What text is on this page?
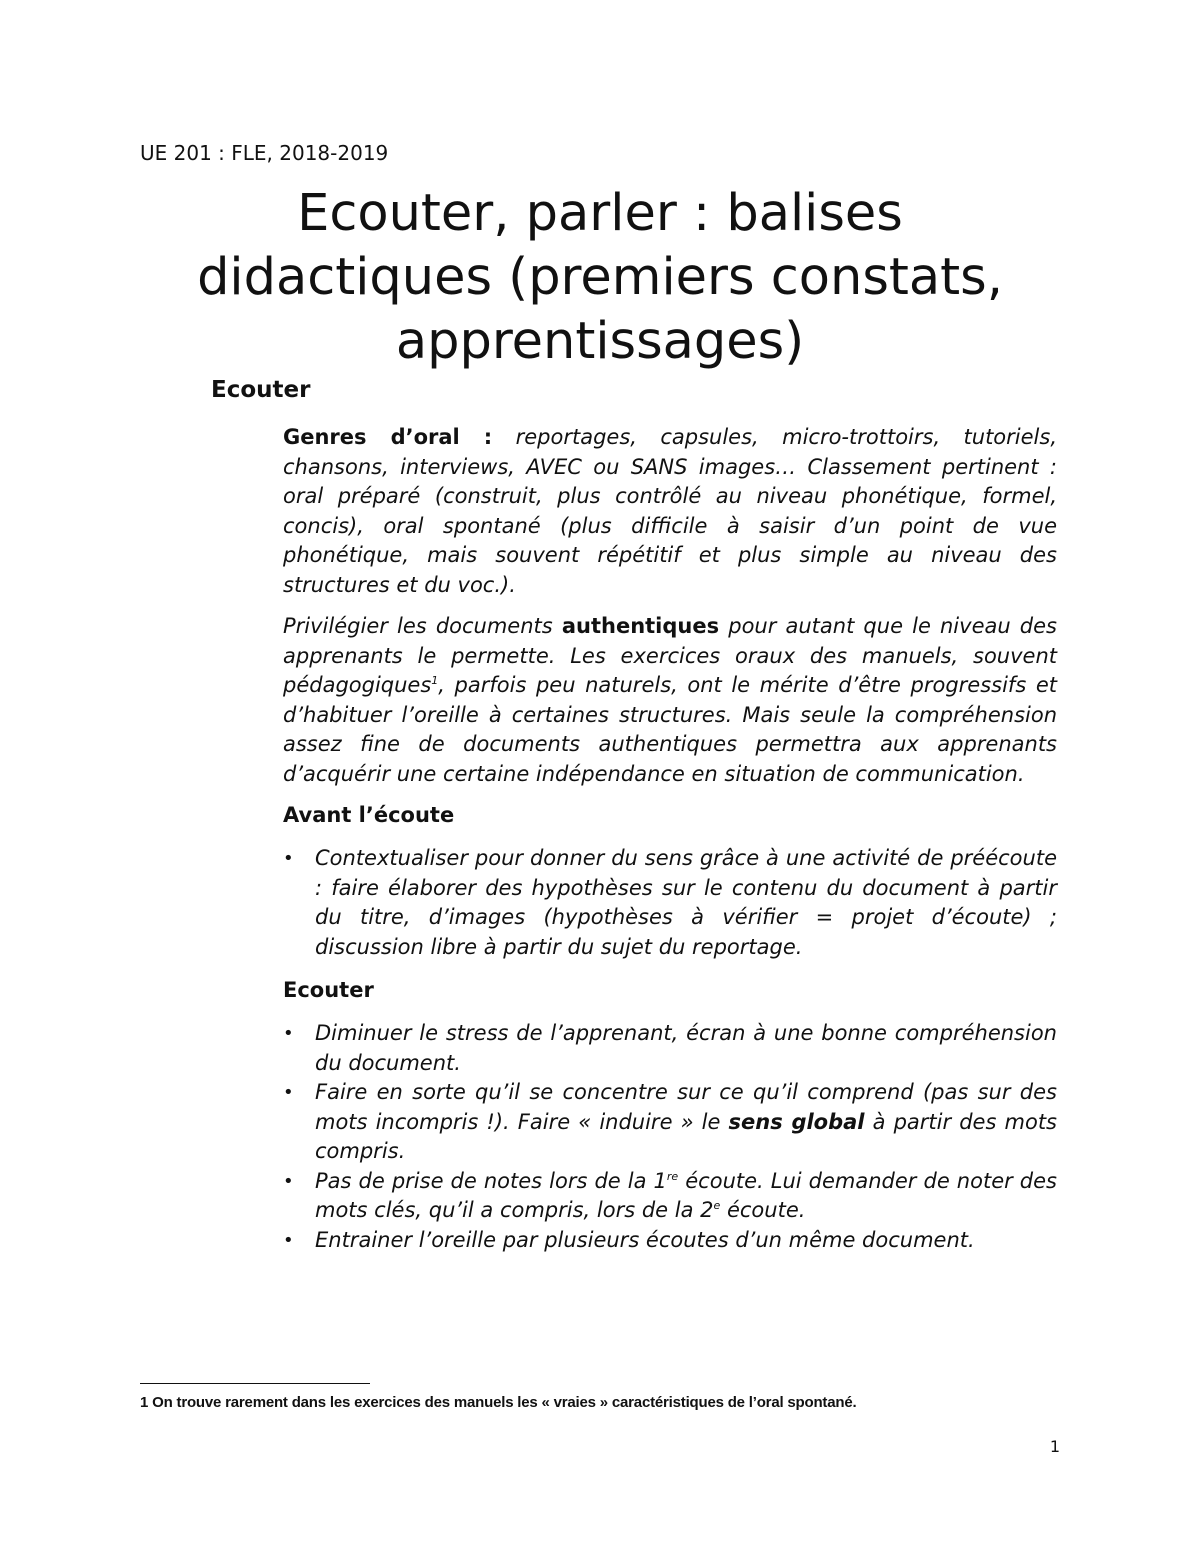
UE 201 : FLE, 2018-2019
Ecouter, parler : balises
didactiques (premiers constats,
apprentissages)
Ecouter

Genres d’oral : reportages, capsules, micro-trottoirs, tutoriels, chansons, interviews, AVEC ou SANS images… Classement pertinent : oral préparé (construit, plus contrôlé au niveau phonétique, formel, concis), oral spontané (plus difficile à saisir d’un point de vue phonétique, mais souvent répétitif et plus simple au niveau des structures et du voc.).

Privilégier les documents authentiques pour autant que le niveau des apprenants le permette. Les exercices oraux des manuels, souvent pédagogiques$^1$, parfois peu naturels, ont le mérite d’être progressifs et d’habituer l’oreille à certaines structures. Mais seule la compréhension assez fine de documents authentiques permettra aux apprenants d’acquérir une certaine indépendance en situation de communication.

Avant l’écoute
• Contextualiser pour donner du sens grâce à une activité de préécoute : faire élaborer des hypothèses sur le contenu du document à partir du titre, d’images (hypothèses à vérifier = projet d’écoute) ; discussion libre à partir du sujet du reportage.
Ecouter
• Diminuer le stress de l’apprenant, écran à une bonne compréhension du document.
• Faire en sorte qu’il se concentre sur ce qu’il comprend (pas sur des mots incompris !). Faire « induire » le sens global à partir des mots compris.
• Pas de prise de notes lors de la 1re écoute. Lui demander de noter des mots clés, qu’il a compris, lors de la 2e écoute.
• Entrainer l’oreille par plusieurs écoutes d’un même document.
1 On trouve rarement dans les exercices des manuels les « vraies » caractéristiques de l’oral spontané.
1
